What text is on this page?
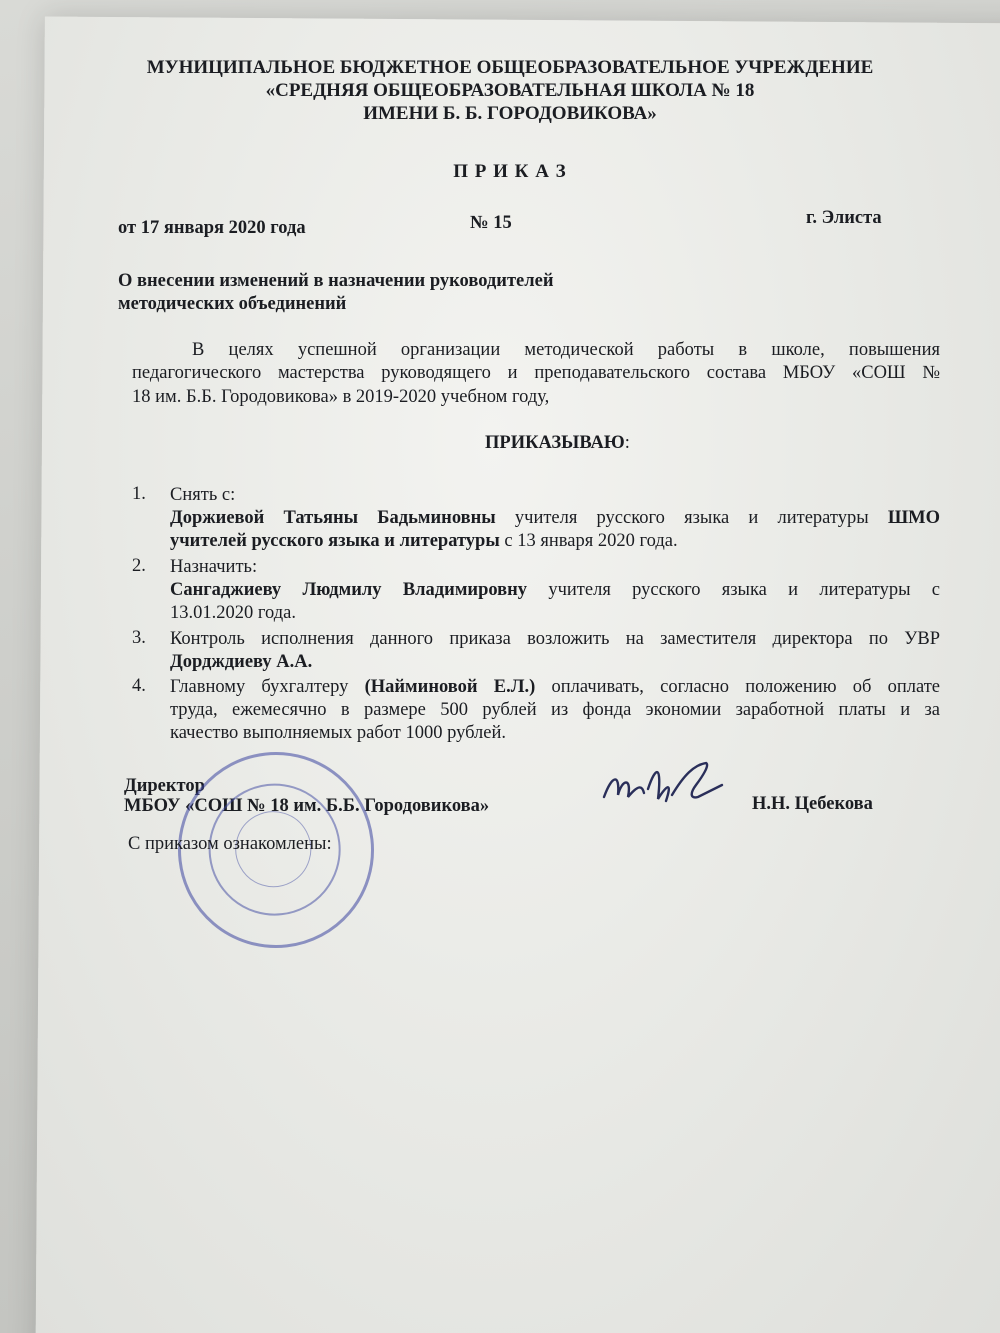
МУНИЦИПАЛЬНОЕ БЮДЖЕТНОЕ ОБЩЕОБРАЗОВАТЕЛЬНОЕ УЧРЕЖДЕНИЕ
«СРЕДНЯЯ ОБЩЕОБРАЗОВАТЕЛЬНАЯ ШКОЛА № 18
ИМЕНИ Б. Б. ГОРОДОВИКОВА»
П Р И К А З
от 17 января 2020 года	№ 15	г. Элиста
О внесении изменений в назначении руководителей
методических объединений
В целях успешной организации методической работы в школе, повышения
педагогического мастерства руководящего и преподавательского состава МБОУ «СОШ №
18 им. Б.Б. Городовикова» в 2019-2020 учебном году,
ПРИКАЗЫВАЮ:
1. Снять с:
Доржиевой Татьяны Бадьминовны учителя русского языка и литературы ШМО
учителей русского языка и литературы с 13 января 2020 года.
2. Назначить:
Сангаджиеву Людмилу Владимировну учителя русского языка и литературы с
13.01.2020 года.
3. Контроль исполнения данного приказа возложить на заместителя директора по УВР
Дордждиеву А.А.
4. Главному бухгалтеру (Найминовой Е.Л.) оплачивать, согласно положению об оплате
труда, ежемесячно в размере 500 рублей из фонда экономии заработной платы и за
качество выполняемых работ 1000 рублей.
Директор
МБОУ «СОШ № 18 им. Б.Б. Городовикова»	Н.Н. Цебекова
С приказом ознакомлены:
